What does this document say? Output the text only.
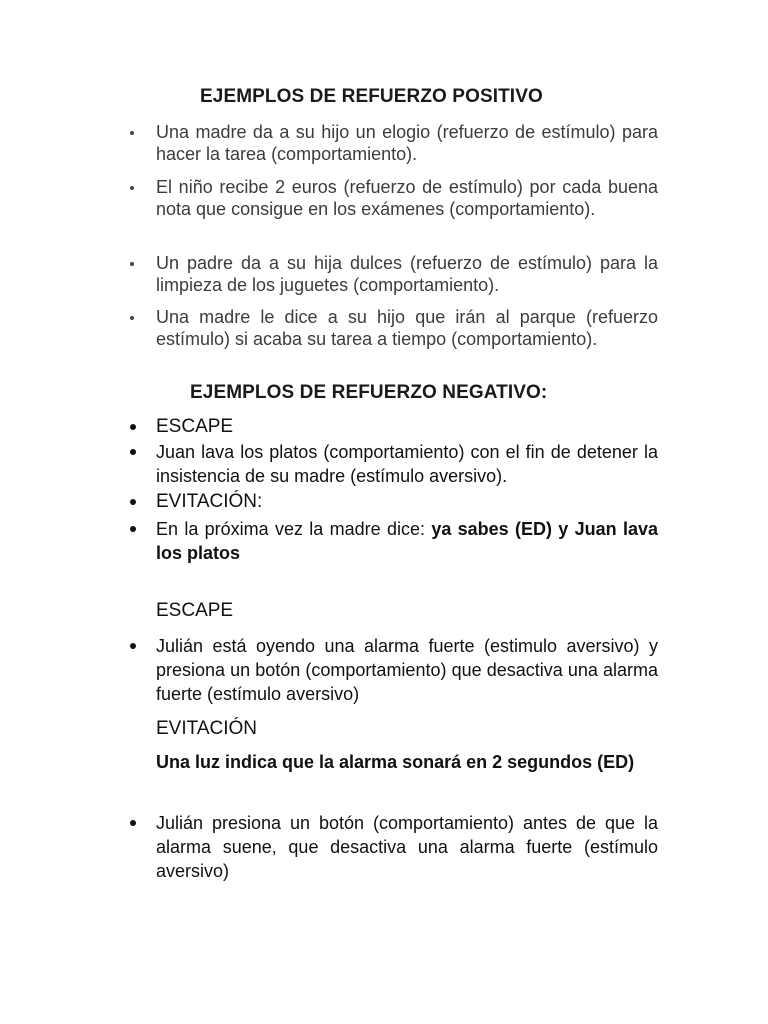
EJEMPLOS DE REFUERZO POSITIVO
Una madre da a su hijo un elogio (refuerzo de estímulo) para hacer la tarea (comportamiento).
El niño recibe 2 euros (refuerzo de estímulo) por cada buena nota que consigue en los exámenes (comportamiento).
Un padre da a su hija dulces (refuerzo de estímulo) para la limpieza de los juguetes (comportamiento).
Una madre le dice a su hijo que irán al parque (refuerzo estímulo) si acaba su tarea a tiempo (comportamiento).
EJEMPLOS DE REFUERZO NEGATIVO:
ESCAPE
Juan lava los platos (comportamiento) con el fin de detener la insistencia de su madre (estímulo aversivo).
EVITACIÓN:
En la próxima vez la madre dice: ya sabes (ED) y Juan lava los platos
ESCAPE
Julián está oyendo una alarma fuerte (estimulo aversivo) y presiona un botón (comportamiento) que desactiva una alarma fuerte (estímulo aversivo)
EVITACIÓN
Una luz indica que la alarma sonará en 2 segundos (ED)
Julián presiona un botón (comportamiento) antes de que la alarma suene, que desactiva una alarma fuerte (estímulo aversivo)
